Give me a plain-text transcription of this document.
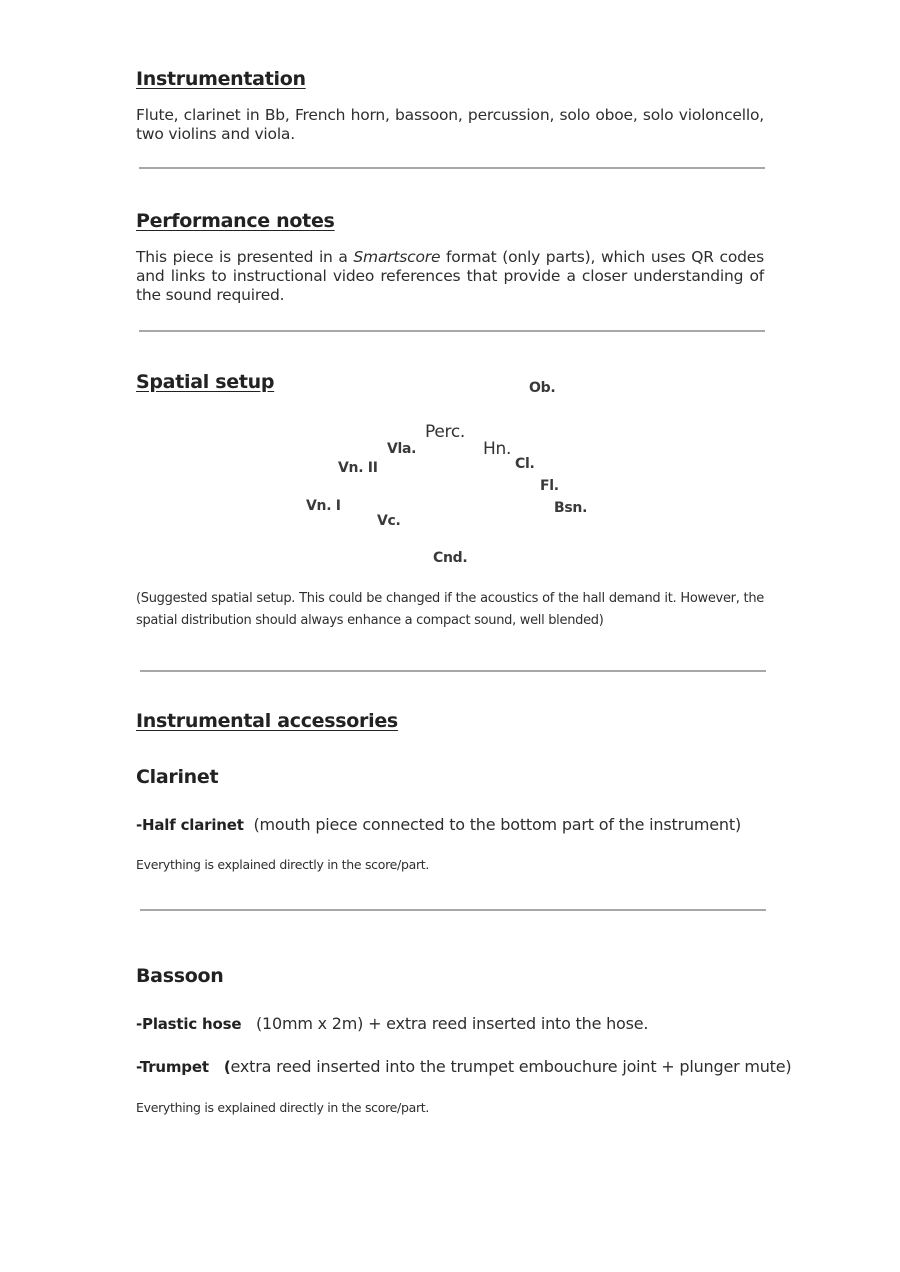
Instrumentation
Flute, clarinet in Bb, French horn, bassoon, percussion, solo oboe, solo violoncello, two violins and viola.
Performance notes
This piece is presented in a Smartscore format (only parts), which uses QR codes and links to instructional video references that provide a closer understanding of the sound required.
Spatial setup	Ob.
Perc.
Vla.	Hn.
Cl.
Vn. II
Fl.
Vn. I	Bsn.
Vc.
Cnd.
(Suggested spatial setup. This could be changed if the acoustics of the hall demand it. However, the spatial distribution should always enhance a compact sound, well blended)
Instrumental accessories
Clarinet
-Half clarinet  (mouth piece connected to the bottom part of the instrument)
Everything is explained directly in the score/part.
Bassoon
-Plastic hose   (10mm x 2m) + extra reed inserted into the hose.
-Trumpet   (extra reed inserted into the trumpet embouchure joint + plunger mute)
Everything is explained directly in the score/part.
